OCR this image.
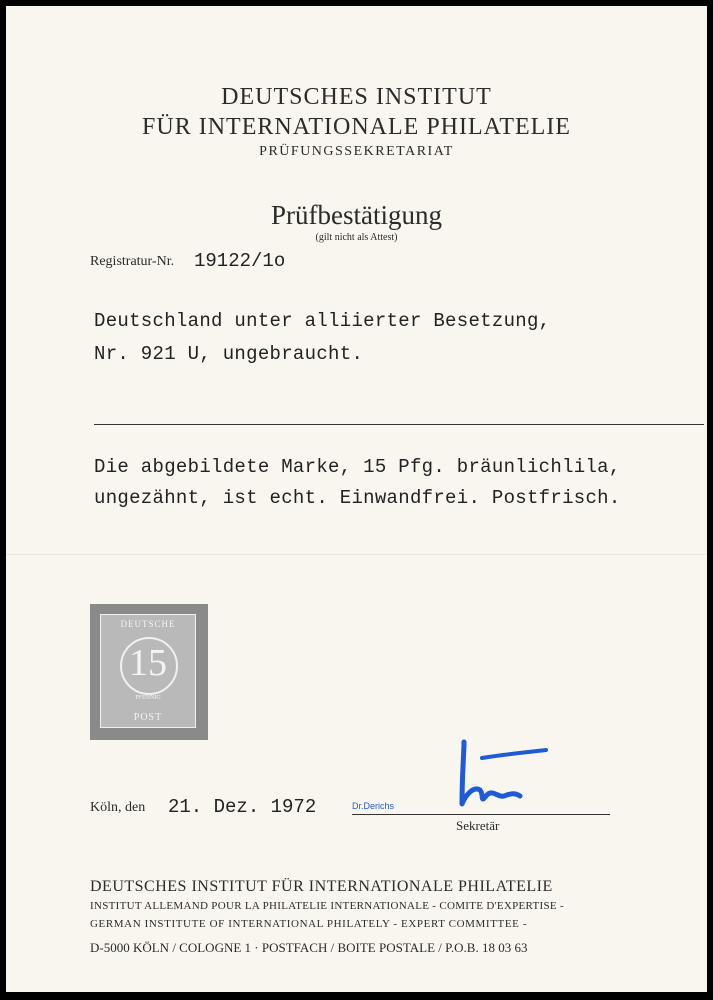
DEUTSCHES INSTITUT
FÜR INTERNATIONALE PHILATELIE
PRÜFUNGSSEKRETARIAT
Prüfbestätigung
(gilt nicht als Attest)
Registratur-Nr. 19122/1o
Deutschland unter alliierter Besetzung,
Nr. 921 U, ungebraucht.
Die abgebildete Marke, 15 Pfg. bräunlichlila,
ungezähnt, ist echt. Einwandfrei. Postfrisch.
DEUTSCHE
15
PFENNIG
POST
Köln, den 21. Dez. 1972	Dr.Derichs
Sekretär
DEUTSCHES INSTITUT FÜR INTERNATIONALE PHILATELIE
INSTITUT ALLEMAND POUR LA PHILATELIE INTERNATIONALE - COMITE D'EXPERTISE -
GERMAN INSTITUTE OF INTERNATIONAL PHILATELY - EXPERT COMMITTEE -
D-5000 KÖLN / COLOGNE 1 · POSTFACH / BOITE POSTALE / P.O.B. 18 03 63
